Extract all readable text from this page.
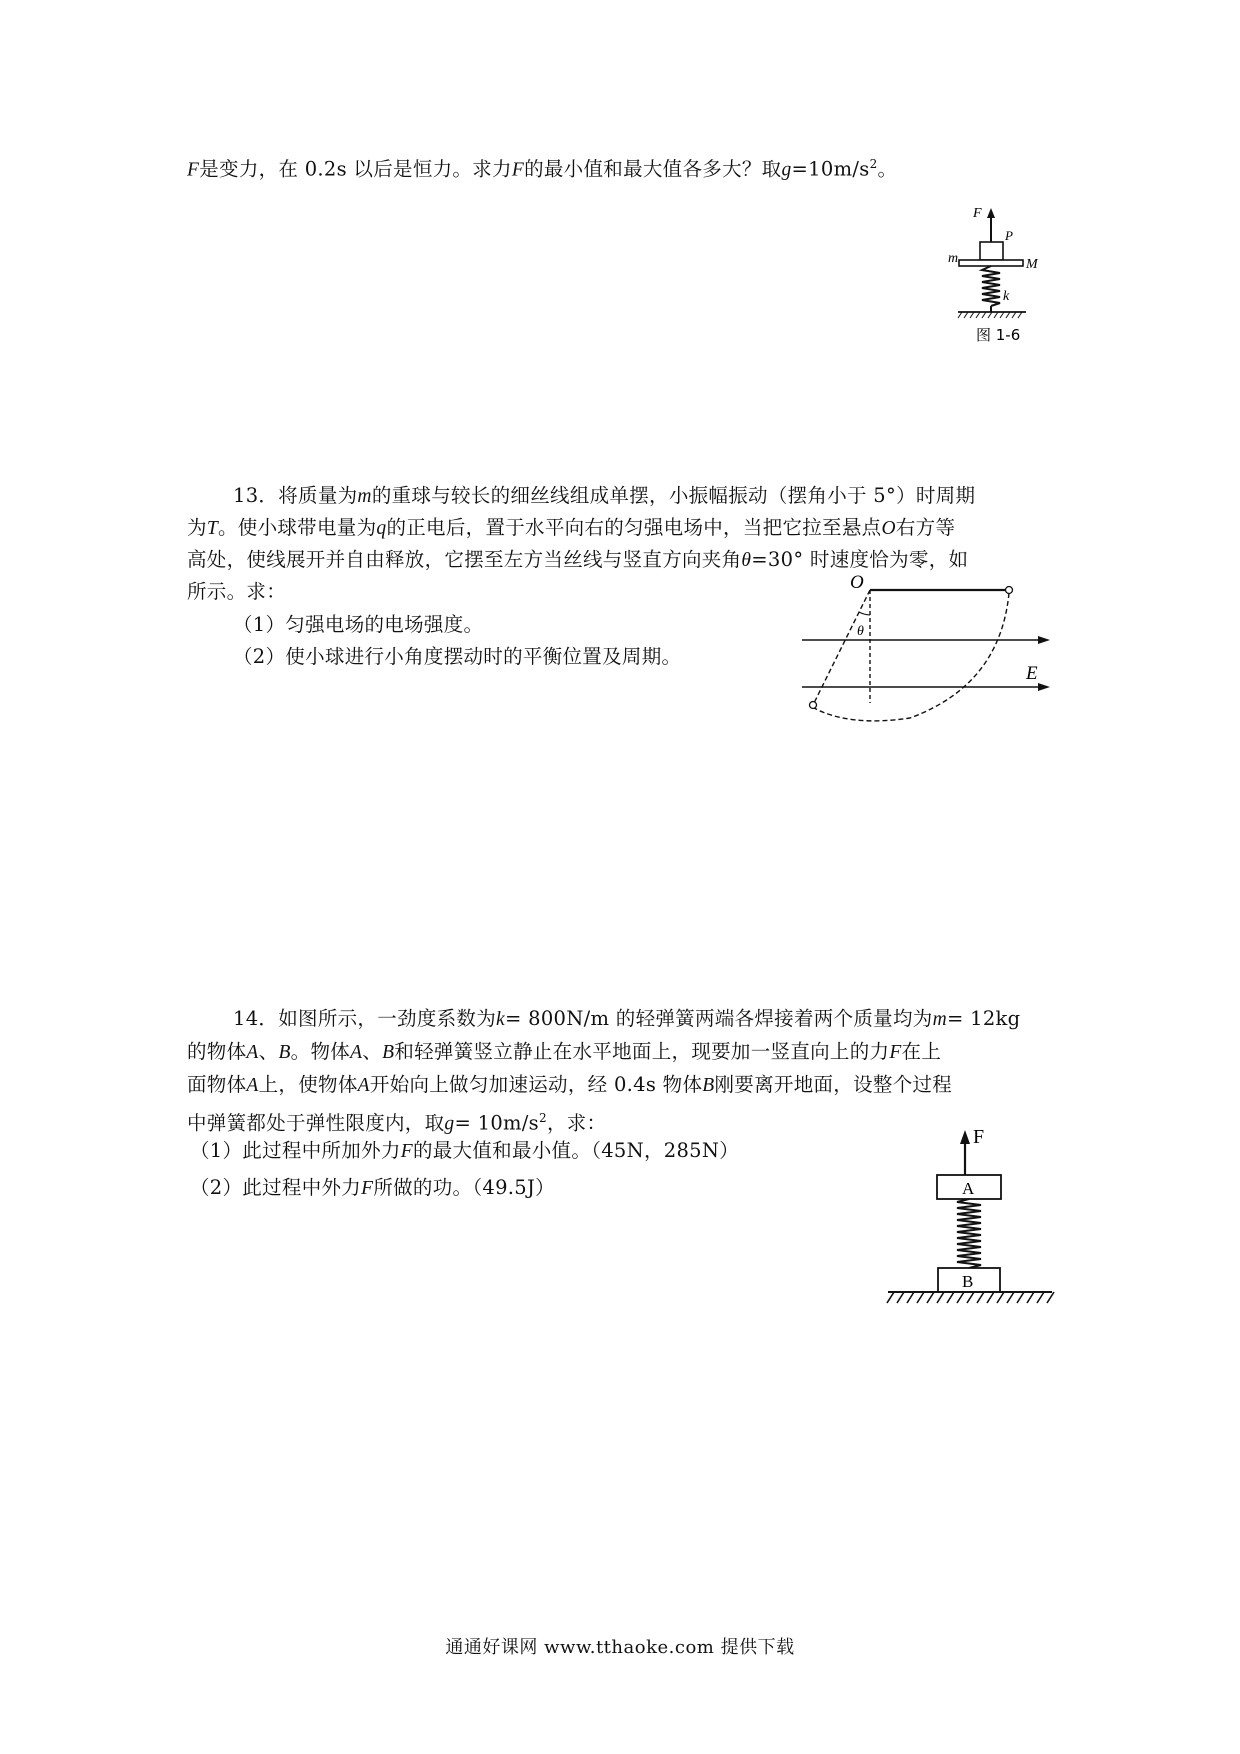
F是变力，在 0.2s 以后是恒力。求力F的最小值和最大值各多大？取$g=10m/s^2$。
F
P
m	M
k
图 1-6
13．将质量为m的重球与较长的细丝线组成单摆，小振幅振动（摆角小于 5°）时周期
为T。使小球带电量为q的正电后，置于水平向右的匀强电场中，当把它拉至悬点O右方等
高处，使线展开并自由释放，它摆至左方当丝线与竖直方向夹角θ=30° 时速度恰为零，如
所示。求：
（1）匀强电场的电场强度。
（2）使小球进行小角度摆动时的平衡位置及周期。
O
θ
E
14．如图所示，一劲度系数为k= 800N/m 的轻弹簧两端各焊接着两个质量均为m= 12kg
的物体A、B。物体A、B和轻弹簧竖立静止在水平地面上，现要加一竖直向上的力F在上
面物体A上，使物体A开始向上做匀加速运动，经 0.4s 物体B刚要离开地面，设整个过程
中弹簧都处于弹性限度内，取$g= 10m/s^2$，求：
（1）此过程中所加外力F的最大值和最小值。（45N，285N）
（2）此过程中外力F所做的功。（49.5J）
F
A
B
通通好课网 www.tthaoke.com 提供下载
